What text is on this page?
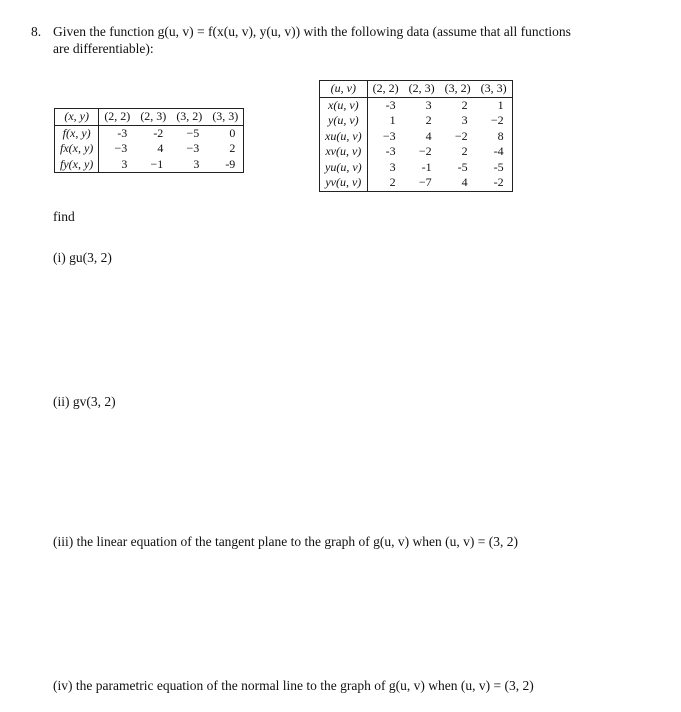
8. Given the function g(u, v) = f(x(u, v), y(u, v)) with the following data (assume that all functions
are differentiable):
(x, y)	(2, 2)	(2, 3)	(3, 2)	(3, 3)
f(x, y)	-3	-2	−5	0
fx(x, y)	−3	4	−3	2
fy(x, y)	3	−1	3	-9
(u, v)	(2, 2)	(2, 3)	(3, 2)	(3, 3)
x(u, v)	-3	3	2	1
y(u, v)	1	2	3	−2
xu(u, v)	−3	4	−2	8
xv(u, v)	-3	−2	2	-4
yu(u, v)	3	-1	-5	-5
yv(u, v)	2	−7	4	-2
find
(i) gu(3, 2)
(ii) gv(3, 2)
(iii) the linear equation of the tangent plane to the graph of g(u, v) when (u, v) = (3, 2)
(iv) the parametric equation of the normal line to the graph of g(u, v) when (u, v) = (3, 2)
